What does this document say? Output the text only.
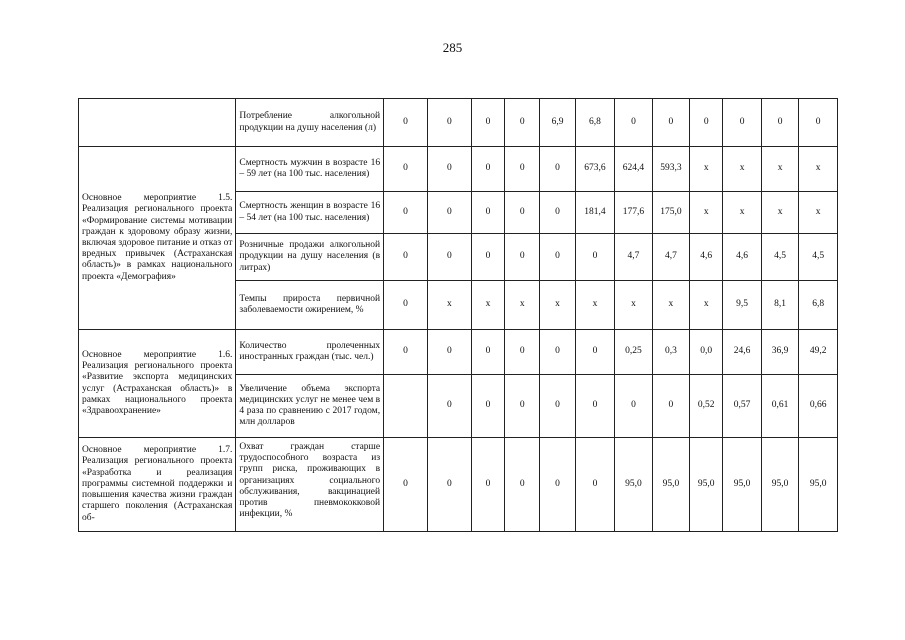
285
	Потребление алкогольной продукции на душу населения (л)	0	0	0	0	6,9	6,8	0	0	0	0	0	0
Основное мероприятие 1.5. Реализация регионального проекта «Формирование системы мотивации граждан к здоровому образу жизни, включая здоровое питание и отказ от вредных привычек (Астраханская область)» в рамках национального проекта «Демография»	Смертность мужчин в возрасте 16 – 59 лет (на 100 тыс. населения)	0	0	0	0	0	673,6	624,4	593,3	х	х	х	х
	Смертность женщин в возрасте 16 – 54 лет (на 100 тыс. населения)	0	0	0	0	0	181,4	177,6	175,0	х	х	х	х
	Розничные продажи алкогольной продукции на душу населения (в литрах)	0	0	0	0	0	0	4,7	4,7	4,6	4,6	4,5	4,5
	Темпы прироста первичной заболеваемости ожирением, %	0	х	х	х	х	х	х	х	х	9,5	8,1	6,8
Основное мероприятие 1.6. Реализация регионального проекта «Развитие экспорта медицинских услуг (Астраханская область)» в рамках национального проекта «Здравоохранение»	Количество пролеченных иностранных граждан (тыс. чел.)	0	0	0	0	0	0	0,25	0,3	0,0	24,6	36,9	49,2
	Увеличение объема экспорта медицинских услуг не менее чем в 4 раза по сравнению с 2017 годом, млн долларов		0	0	0	0	0	0	0	0,52	0,57	0,61	0,66
Основное мероприятие 1.7. Реализация регионального проекта «Разработка и реализация программы системной поддержки и повышения качества жизни граждан старшего поколения (Астраханская об-	Охват граждан старше трудоспособного возраста из групп риска, проживающих в организациях социального обслуживания, вакцинацией против пневмококковой инфекции, %	0	0	0	0	0	0	95,0	95,0	95,0	95,0	95,0	95,0
